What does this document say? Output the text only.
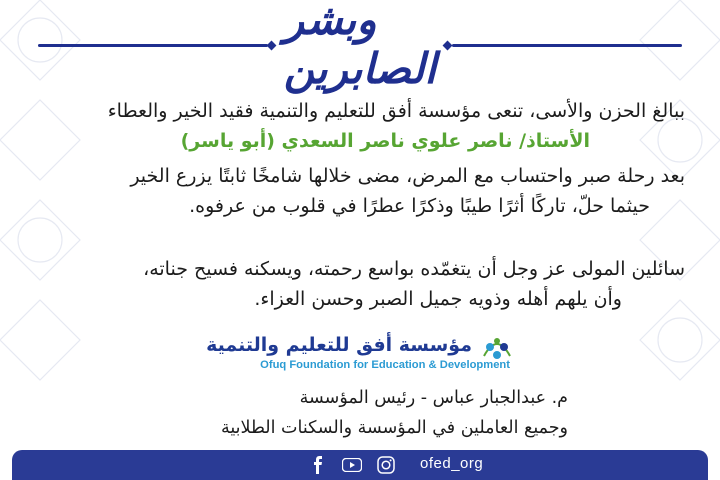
وبشر الصابرين
ببالغ الحزن والأسى، تنعى مؤسسة أفق للتعليم والتنمية فقيد الخير والعطاء
الأستاذ/ ناصر علوي ناصر السعدي (أبو ياسر)
بعد رحلة صبر واحتساب مع المرض، مضى خلالها شامخًا ثابتًا يزرع الخير
حيثما حلّ، تاركًا أثرًا طيبًا وذكرًا عطرًا في قلوب من عرفوه.
سائلين المولى عز وجل أن يتغمّده بواسع رحمته، ويسكنه فسيح جناته،
وأن يلهم أهله وذويه جميل الصبر وحسن العزاء.
مؤسسة أفق للتعليم والتنمية
Ofuq Foundation for Education & Development
م. عبدالجبار عباس - رئيس المؤسسة
وجميع العاملين في المؤسسة والسكنات الطلابية
ofed_org
